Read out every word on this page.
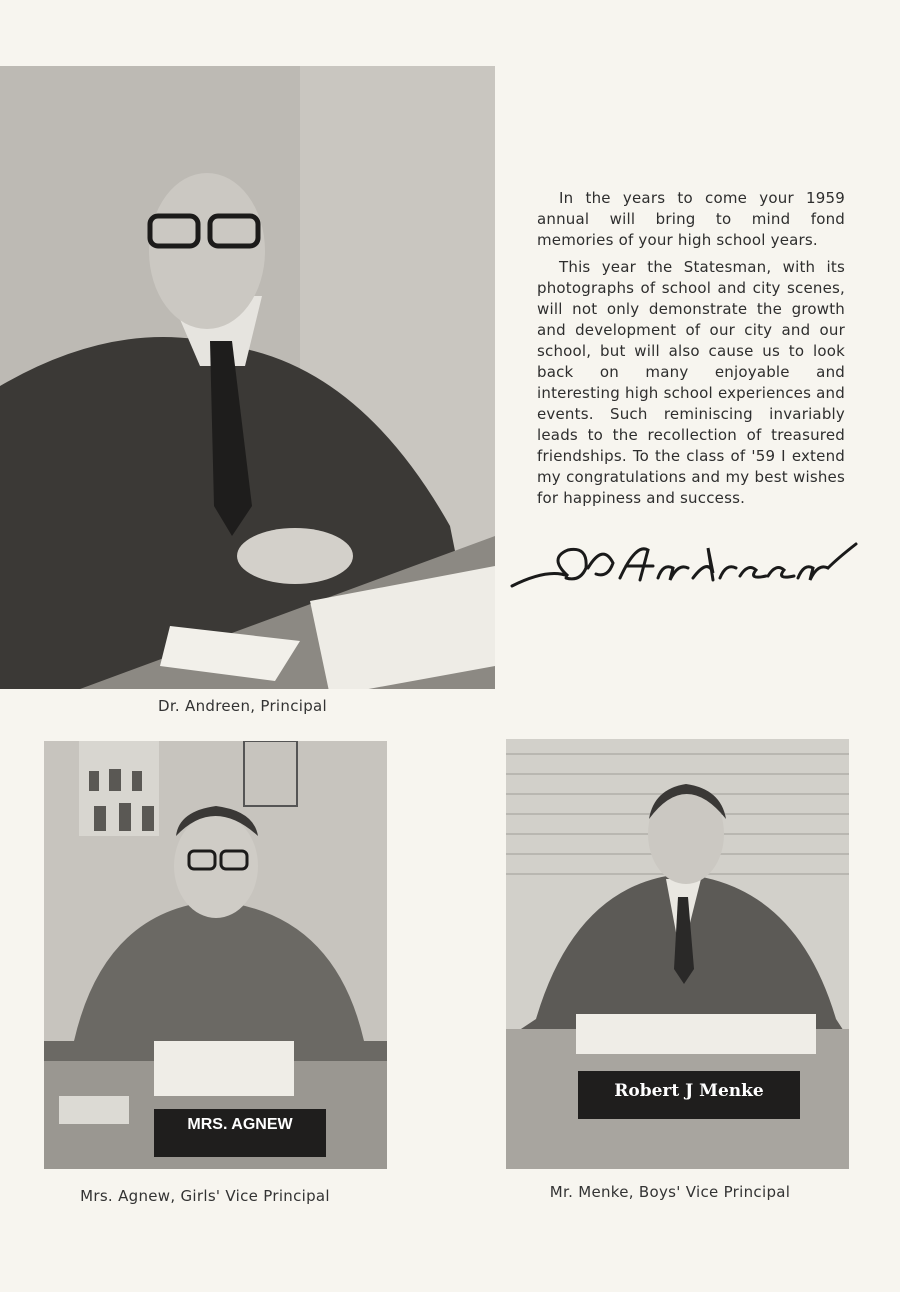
Dr. Andreen, Principal

In the years to come your 1959 annual will bring to mind fond memories of your high school years.

This year the Statesman, with its photographs of school and city scenes, will not only demonstrate the growth and development of our city and our school, but will also cause us to look back on many enjoyable and interesting high school experiences and events. Such reminiscing invariably leads to the recollection of treasured friendships. To the class of '59 I extend my congratulations and my best wishes for happiness and success.

MRS. AGNEW
Mrs. Agnew, Girls' Vice Principal
Robert J Menke
Mr. Menke, Boys' Vice Principal
